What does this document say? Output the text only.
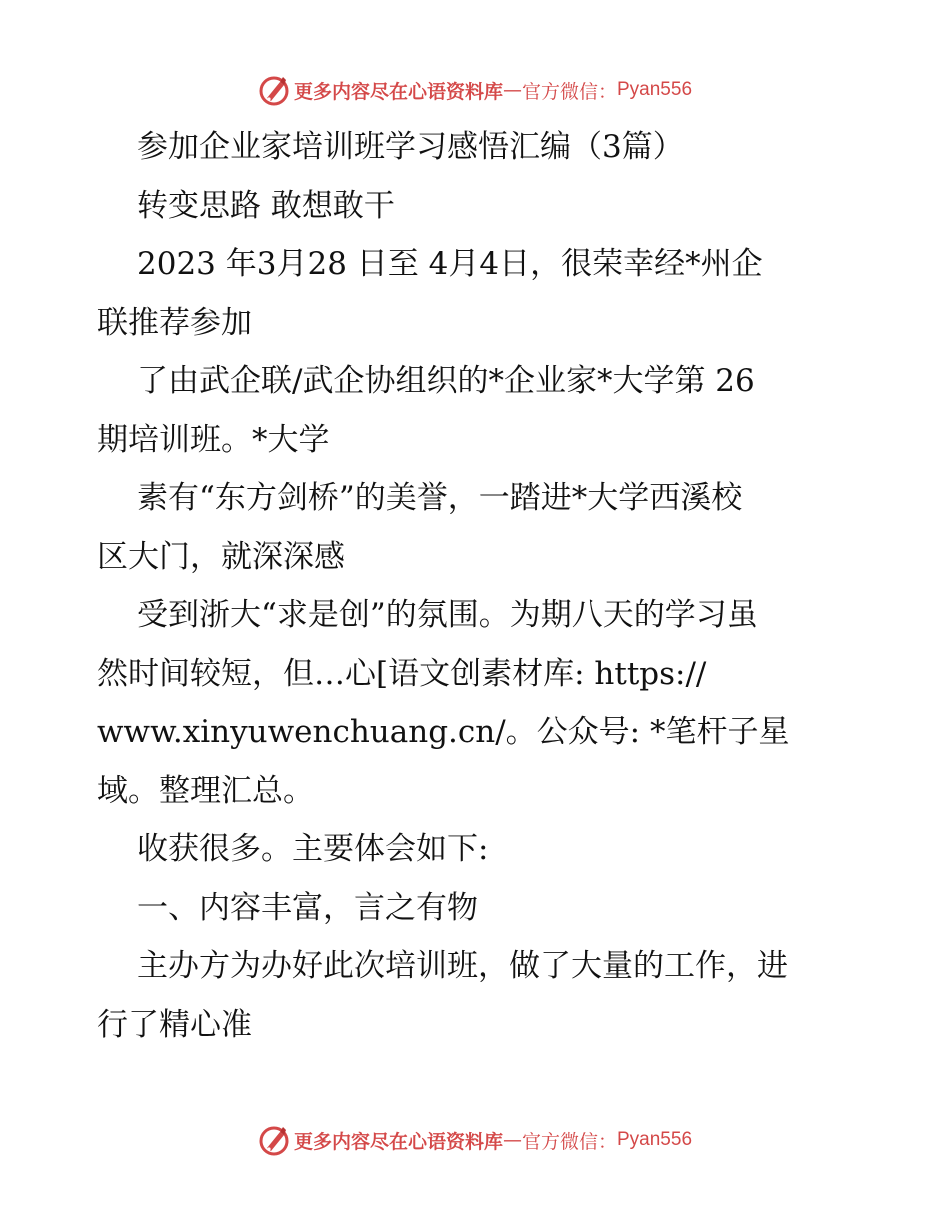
更多内容尽在心语资料库 — 官方微信： Pyan556

参加企业家培训班学习感悟汇编（3篇）

转变思路 敢想敢干

2023 年3月28 日至 4月4日，很荣幸经*州企

联推荐参加

了由武企联/武企协组织的*企业家*大学第 26

期培训班。*大学

素有“东方剑桥”的美誉，一踏进*大学西溪校

区大门，就深深感

受到浙大“求是创”的氛围。为期八天的学习虽

然时间较短，但…心[语文创素材库: https://

www.xinyuwenchuang.cn/。公众号: *笔杆子星

域。整理汇总。

收获很多。主要体会如下:

一、内容丰富，言之有物

主办方为办好此次培训班，做了大量的工作，进

行了精心准

更多内容尽在心语资料库 — 官方微信： Pyan556
